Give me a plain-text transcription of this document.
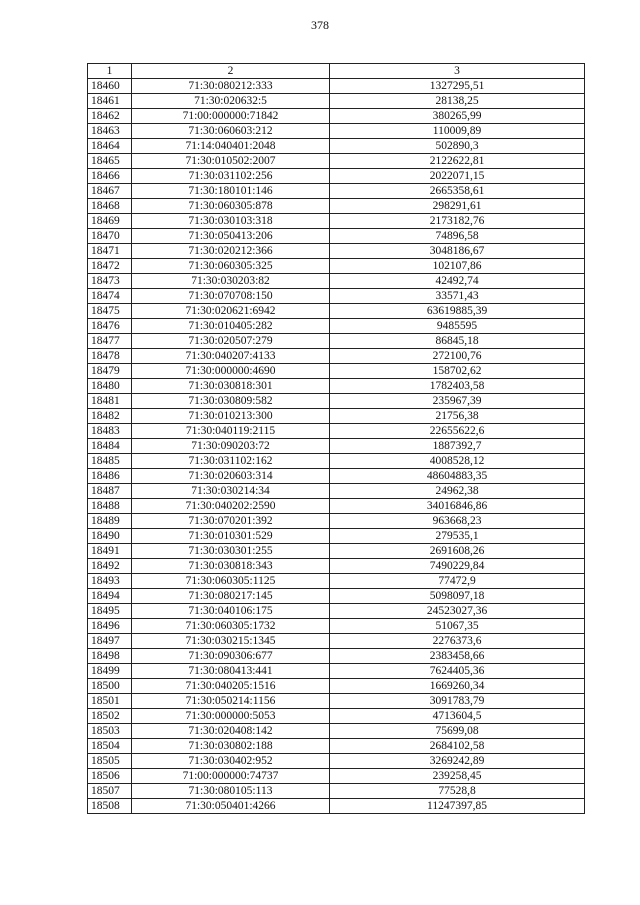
378
1	2	3
18460	71:30:080212:333	1327295,51
18461	71:30:020632:5	28138,25
18462	71:00:000000:71842	380265,99
18463	71:30:060603:212	110009,89
18464	71:14:040401:2048	502890,3
18465	71:30:010502:2007	2122622,81
18466	71:30:031102:256	2022071,15
18467	71:30:180101:146	2665358,61
18468	71:30:060305:878	298291,61
18469	71:30:030103:318	2173182,76
18470	71:30:050413:206	74896,58
18471	71:30:020212:366	3048186,67
18472	71:30:060305:325	102107,86
18473	71:30:030203:82	42492,74
18474	71:30:070708:150	33571,43
18475	71:30:020621:6942	63619885,39
18476	71:30:010405:282	9485595
18477	71:30:020507:279	86845,18
18478	71:30:040207:4133	272100,76
18479	71:30:000000:4690	158702,62
18480	71:30:030818:301	1782403,58
18481	71:30:030809:582	235967,39
18482	71:30:010213:300	21756,38
18483	71:30:040119:2115	22655622,6
18484	71:30:090203:72	1887392,7
18485	71:30:031102:162	4008528,12
18486	71:30:020603:314	48604883,35
18487	71:30:030214:34	24962,38
18488	71:30:040202:2590	34016846,86
18489	71:30:070201:392	963668,23
18490	71:30:010301:529	279535,1
18491	71:30:030301:255	2691608,26
18492	71:30:030818:343	7490229,84
18493	71:30:060305:1125	77472,9
18494	71:30:080217:145	5098097,18
18495	71:30:040106:175	24523027,36
18496	71:30:060305:1732	51067,35
18497	71:30:030215:1345	2276373,6
18498	71:30:090306:677	2383458,66
18499	71:30:080413:441	7624405,36
18500	71:30:040205:1516	1669260,34
18501	71:30:050214:1156	3091783,79
18502	71:30:000000:5053	4713604,5
18503	71:30:020408:142	75699,08
18504	71:30:030802:188	2684102,58
18505	71:30:030402:952	3269242,89
18506	71:00:000000:74737	239258,45
18507	71:30:080105:113	77528,8
18508	71:30:050401:4266	11247397,85
